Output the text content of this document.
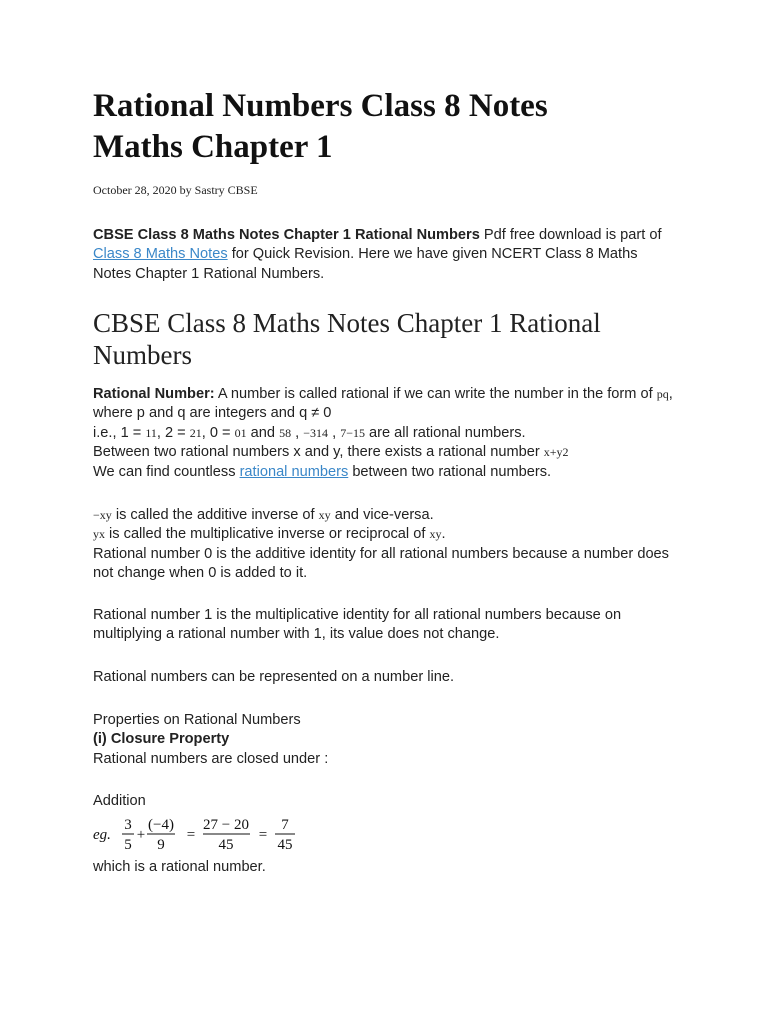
Rational Numbers Class 8 Notes
Maths Chapter 1
October 28, 2020 by Sastry CBSE

CBSE Class 8 Maths Notes Chapter 1 Rational Numbers Pdf free download is part of Class 8 Maths Notes for Quick Revision. Here we have given NCERT Class 8 Maths Notes Chapter 1 Rational Numbers.

CBSE Class 8 Maths Notes Chapter 1 Rational Numbers

Rational Number: A number is called rational if we can write the number in the form of pq, where p and q are integers and q ≠ 0
i.e., 1 = 11, 2 = 21, 0 = 01 and 58 , −314 , 7−15 are all rational numbers.
Between two rational numbers x and y, there exists a rational number x+y2
We can find countless rational numbers between two rational numbers.

−xy is called the additive inverse of xy and vice-versa.
yx is called the multiplicative inverse or reciprocal of xy.
Rational number 0 is the additive identity for all rational numbers because a number does not change when 0 is added to it.

Rational number 1 is the multiplicative identity for all rational numbers because on multiplying a rational number with 1, its value does not change.

Rational numbers can be represented on a number line.

Properties on Rational Numbers
(i) Closure Property
Rational numbers are closed under :

Addition

eg.
3
5
+
(−4)
9
=
27 − 20
45
=
7
45

which is a rational number.
